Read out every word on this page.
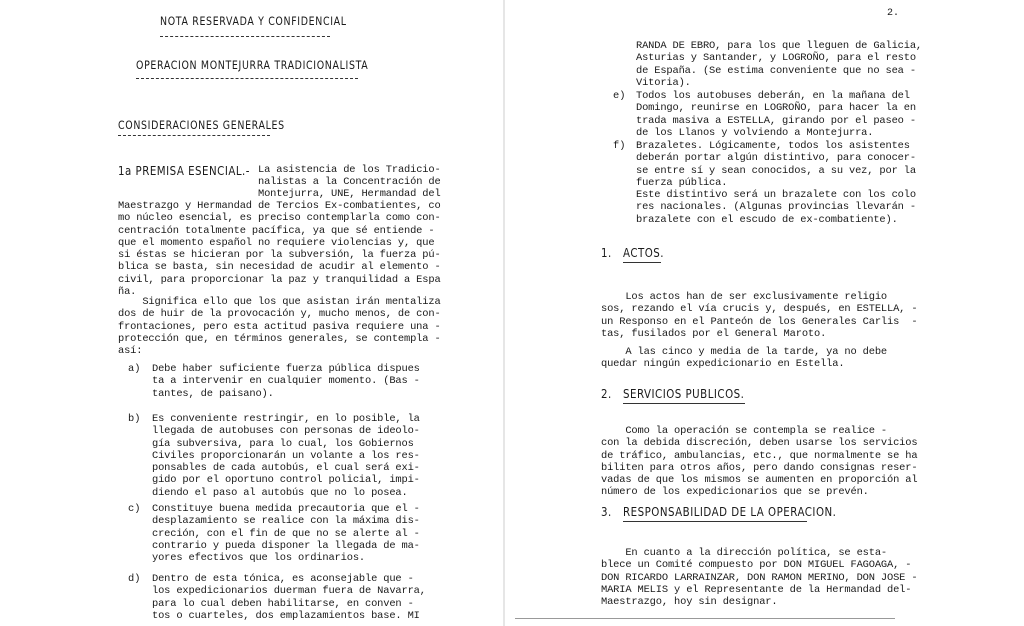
NOTA RESERVADA Y CONFIDENCIAL
OPERACION MONTEJURRA TRADICIONALISTA
CONSIDERACIONES GENERALES
1a PREMISA ESENCIAL.- La asistencia de los Tradicio-
nalistas a la Concentración de
Montejurra, UNE, Hermandad del
Maestrazgo y Hermandad de Tercios Ex-combatientes, co
mo núcleo esencial, es preciso contemplarla como con-
centración totalmente pacífica, ya que sé entiende -
que el momento español no requiere violencias y, que
si éstas se hicieran por la subversión, la fuerza pú-
blica se basta, sin necesidad de acudir al elemento -
civil, para proporcionar la paz y tranquilidad a Espa
ña.
Significa ello que los que asistan irán mentaliza
dos de huir de la provocación y, mucho menos, de con-
frontaciones, pero esta actitud pasiva requiere una -
protección que, en términos generales, se contempla -
así:
a) Debe haber suficiente fuerza pública dispues
ta a intervenir en cualquier momento. (Bas -
tantes, de paisano).
b) Es conveniente restringir, en lo posible, la
llegada de autobuses con personas de ideolo-
gía subversiva, para lo cual, los Gobiernos
Civiles proporcionarán un volante a los res-
ponsables de cada autobús, el cual será exi-
gido por el oportuno control policial, impi-
diendo el paso al autobús que no lo posea.
c) Constituye buena medida precautoria que el -
desplazamiento se realice con la máxima dis-
creción, con el fin de que no se alerte al -
contrario y pueda disponer la llegada de ma-
yores efectivos que los ordinarios.
d) Dentro de esta tónica, es aconsejable que -
los expedicionarios duerman fuera de Navarra,
para lo cual deben habilitarse, en conven -
tos o cuarteles, dos emplazamientos base. MI
2.
RANDA DE EBRO, para los que lleguen de Galicia,
Asturias y Santander, y LOGROÑO, para el resto
de España. (Se estima conveniente que no sea -
Vitoria).
e) Todos los autobuses deberán, en la mañana del
Domingo, reunirse en LOGROÑO, para hacer la en
trada masiva a ESTELLA, girando por el paseo -
de los Llanos y volviendo a Montejurra.
f) Brazaletes. Lógicamente, todos los asistentes
deberán portar algún distintivo, para conocer-
se entre sí y sean conocidos, a su vez, por la
fuerza pública.
Este distintivo será un brazalete con los colo
res nacionales. (Algunas provincias llevarán -
brazalete con el escudo de ex-combatiente).
1. ACTOS.
Los actos han de ser exclusivamente religio
sos, rezando el vía crucis y, después, en ESTELLA, -
un Responso en el Panteón de los Generales Carlis  -
tas, fusilados por el General Maroto.
A las cinco y media de la tarde, ya no debe
quedar ningún expedicionario en Estella.
2. SERVICIOS PUBLICOS.
Como la operación se contempla se realice -
con la debida discreción, deben usarse los servicios
de tráfico, ambulancias, etc., que normalmente se ha
biliten para otros años, pero dando consignas reser-
vadas de que los mismos se aumenten en proporción al
número de los expedicionarios que se prevén.
3. RESPONSABILIDAD DE LA OPERACION.
En cuanto a la dirección política, se esta-
blece un Comité compuesto por DON MIGUEL FAGOAGA, -
DON RICARDO LARRAINZAR, DON RAMON MERINO, DON JOSE -
MARIA MELIS y el Representante de la Hermandad del-
Maestrazgo, hoy sin designar.
